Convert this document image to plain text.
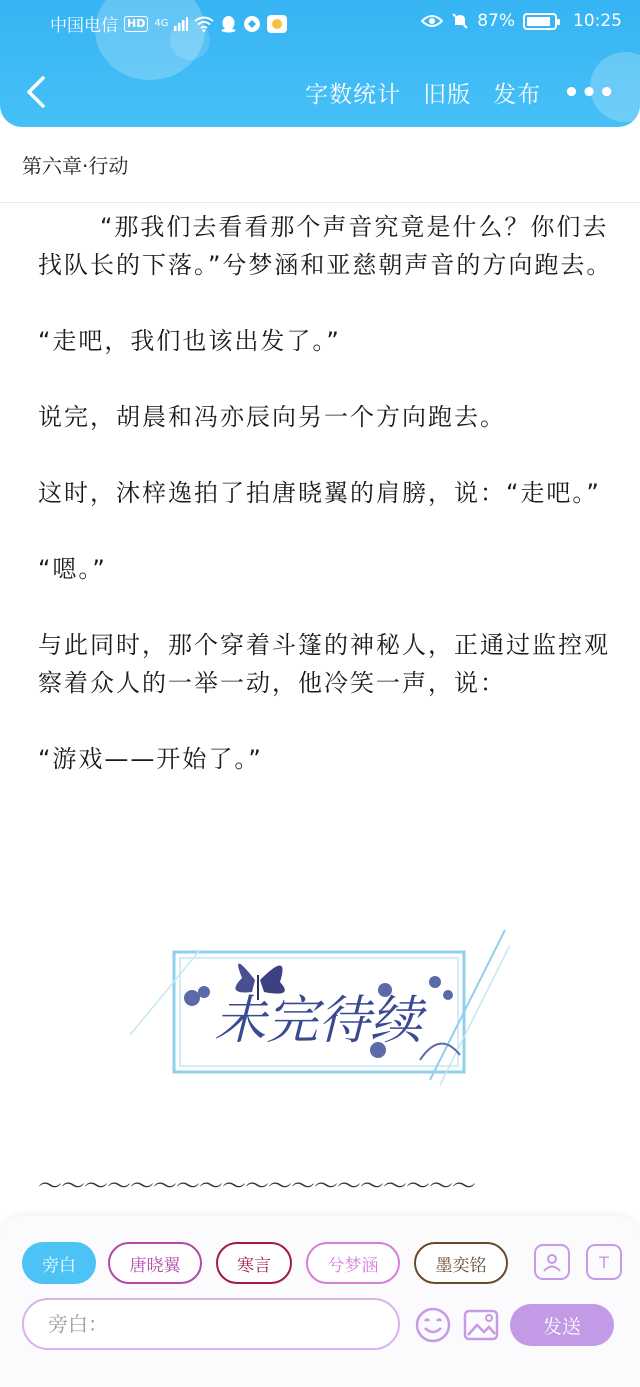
中国电信 HD 4G	87%	10:25
字数统计 旧版 发布 •••
第六章·行动

“那我们去看看那个声音究竟是什么？你们去找队长的下落。”兮梦涵和亚慈朝声音的方向跑去。

“走吧，我们也该出发了。”

说完，胡晨和冯亦辰向另一个方向跑去。

这时，沐梓逸拍了拍唐晓翼的肩膀，说：“走吧。”

“嗯。”

与此同时，那个穿着斗篷的神秘人，正通过监控观察着众人的一举一动，他冷笑一声，说：

“游戏——开始了。”

未完待续
～～～～～～～～～～～～～～～～～～～
旁白	唐晓翼	寒言	兮梦涵	墨奕铭	T
旁白：
发送
